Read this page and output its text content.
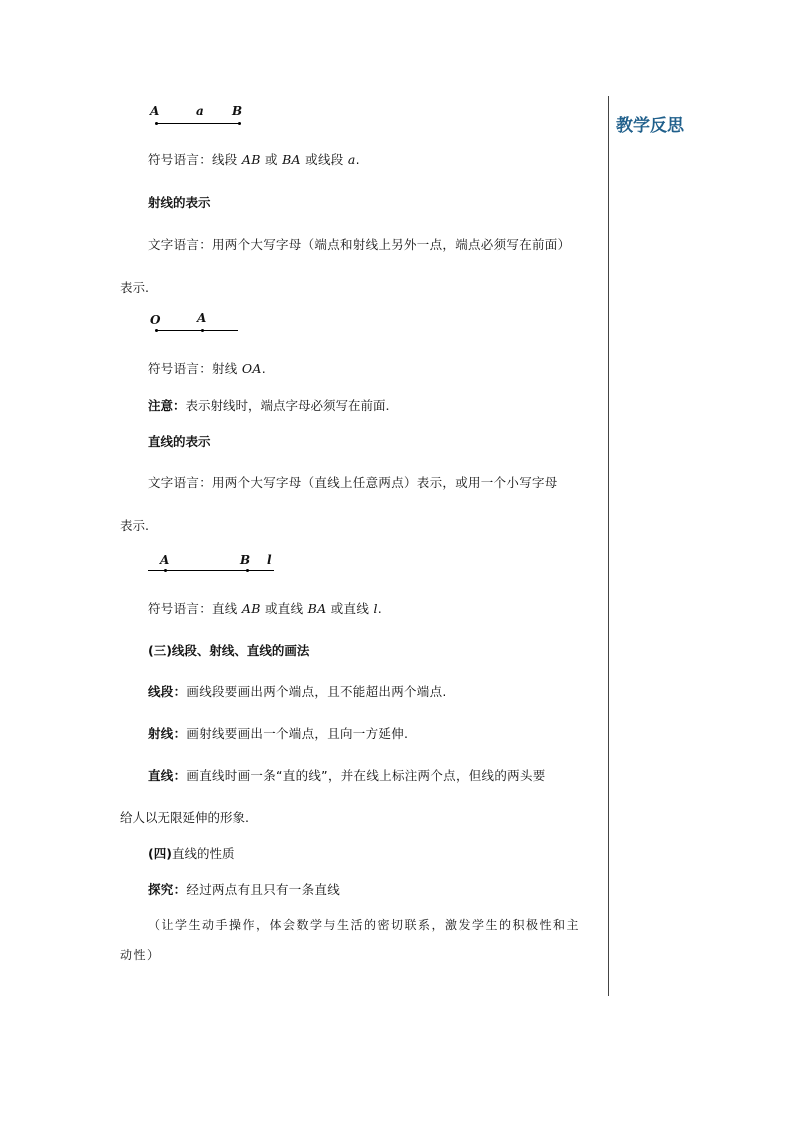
教学反思
A	a B
符号语言：线段 AB 或 BA 或线段 a.
射线的表示
文字语言：用两个大写字母（端点和射线上另外一点，端点必须写在前面）
表示.
O	A
符号语言：射线 OA.
注意：表示射线时，端点字母必须写在前面.
直线的表示
文字语言：用两个大写字母（直线上任意两点）表示，或用一个小写字母
表示.
A	B l
符号语言：直线 AB 或直线 BA 或直线 l.
(三)线段、射线、直线的画法
线段：画线段要画出两个端点，且不能超出两个端点.
射线：画射线要画出一个端点，且向一方延伸.
直线：画直线时画一条“直的线”，并在线上标注两个点，但线的两头要
给人以无限延伸的形象.
(四)直线的性质
探究：经过两点有且只有一条直线
（让学生动手操作，体会数学与生活的密切联系，激发学生的积极性和主
动性）
